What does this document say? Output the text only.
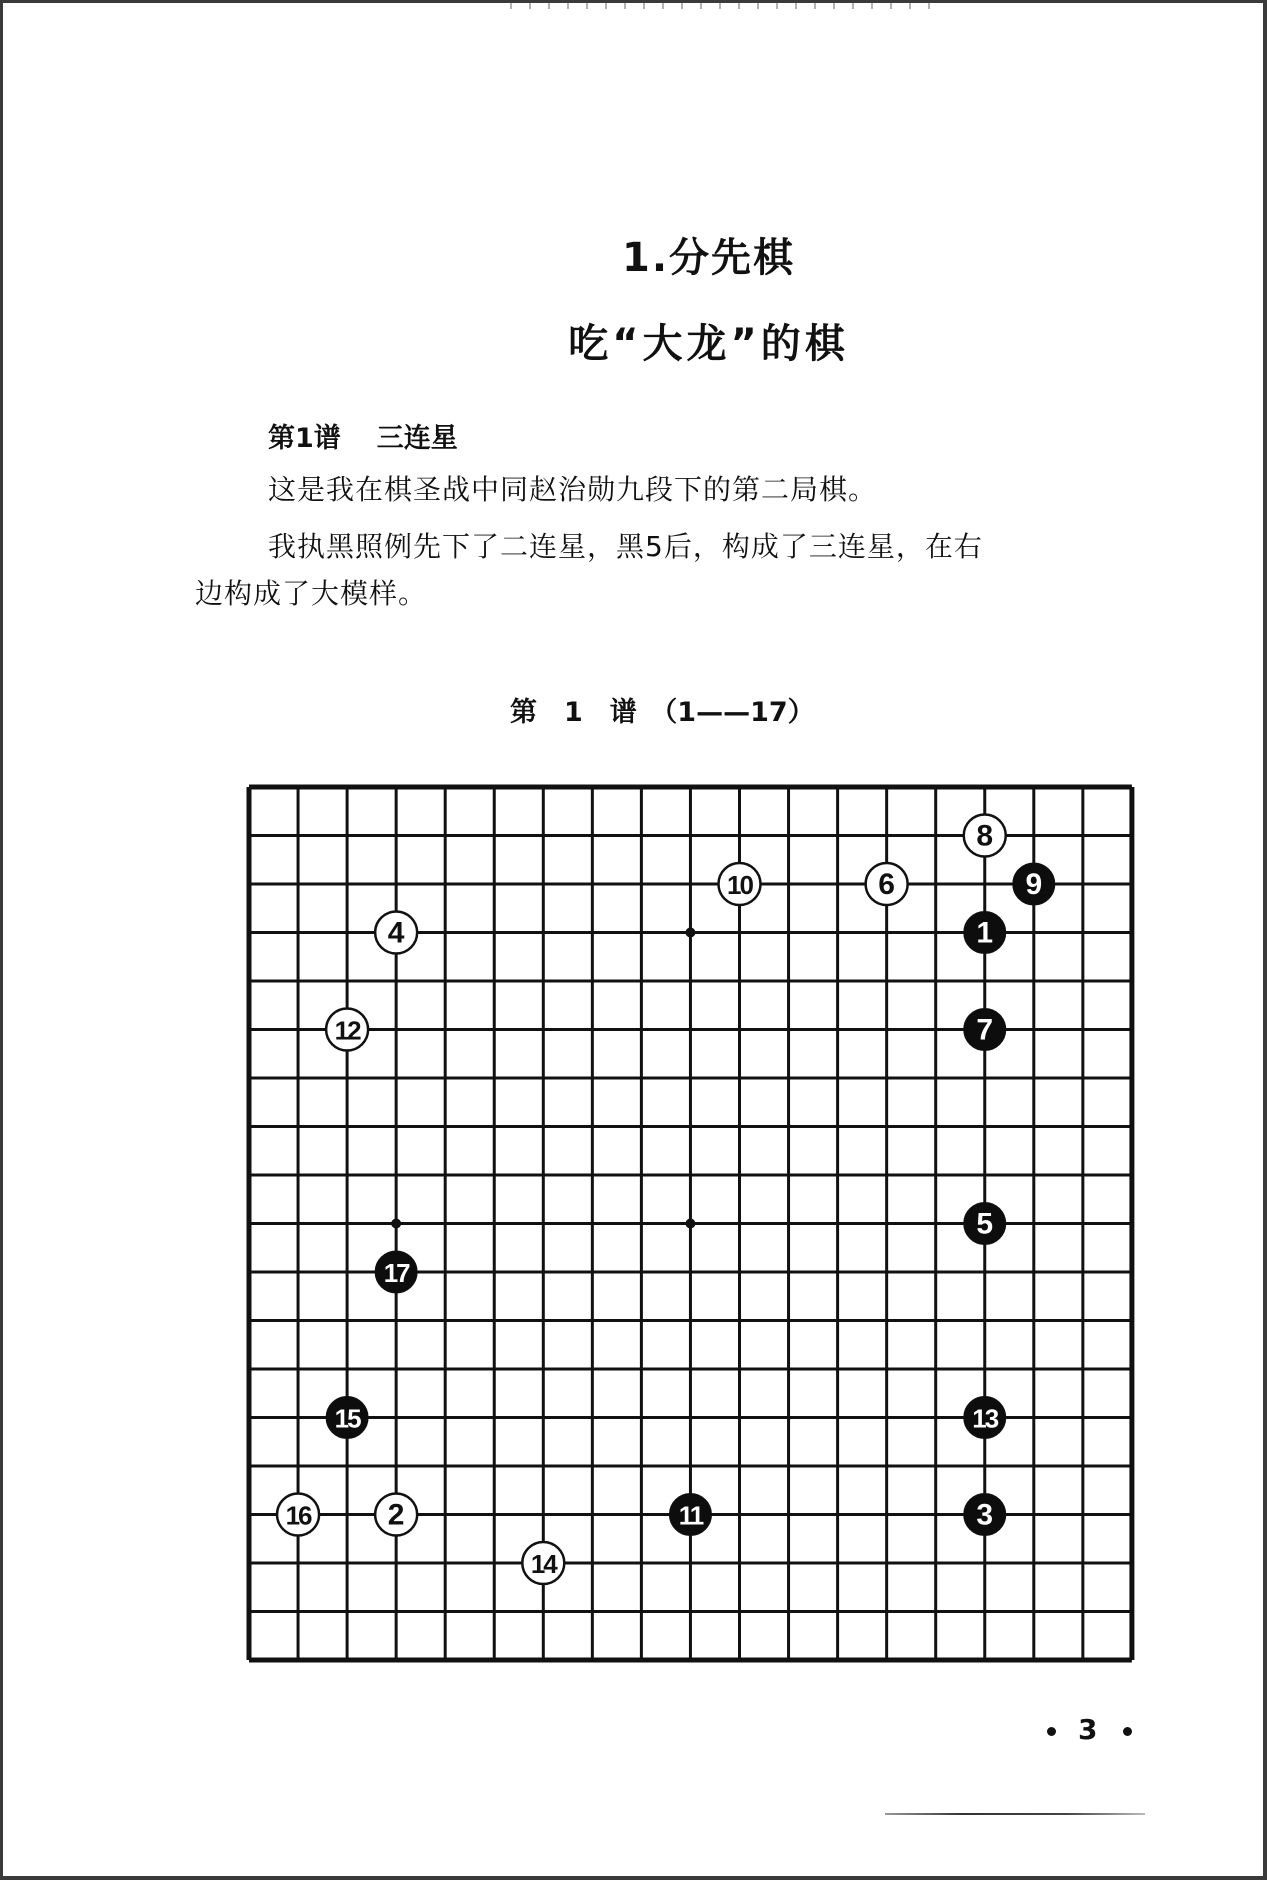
1.分先棋
吃“大龙”的棋
第1谱 三连星
这是我在棋圣战中同赵治勋九段下的第二局棋。
我执黑照例先下了二连星，黑5后，构成了三连星，在右
边构成了大模样。
第　1　谱　（1——17）
1
2	3
4
5
6
7
8
9
10
11
12
13
14
15
16
17
3
